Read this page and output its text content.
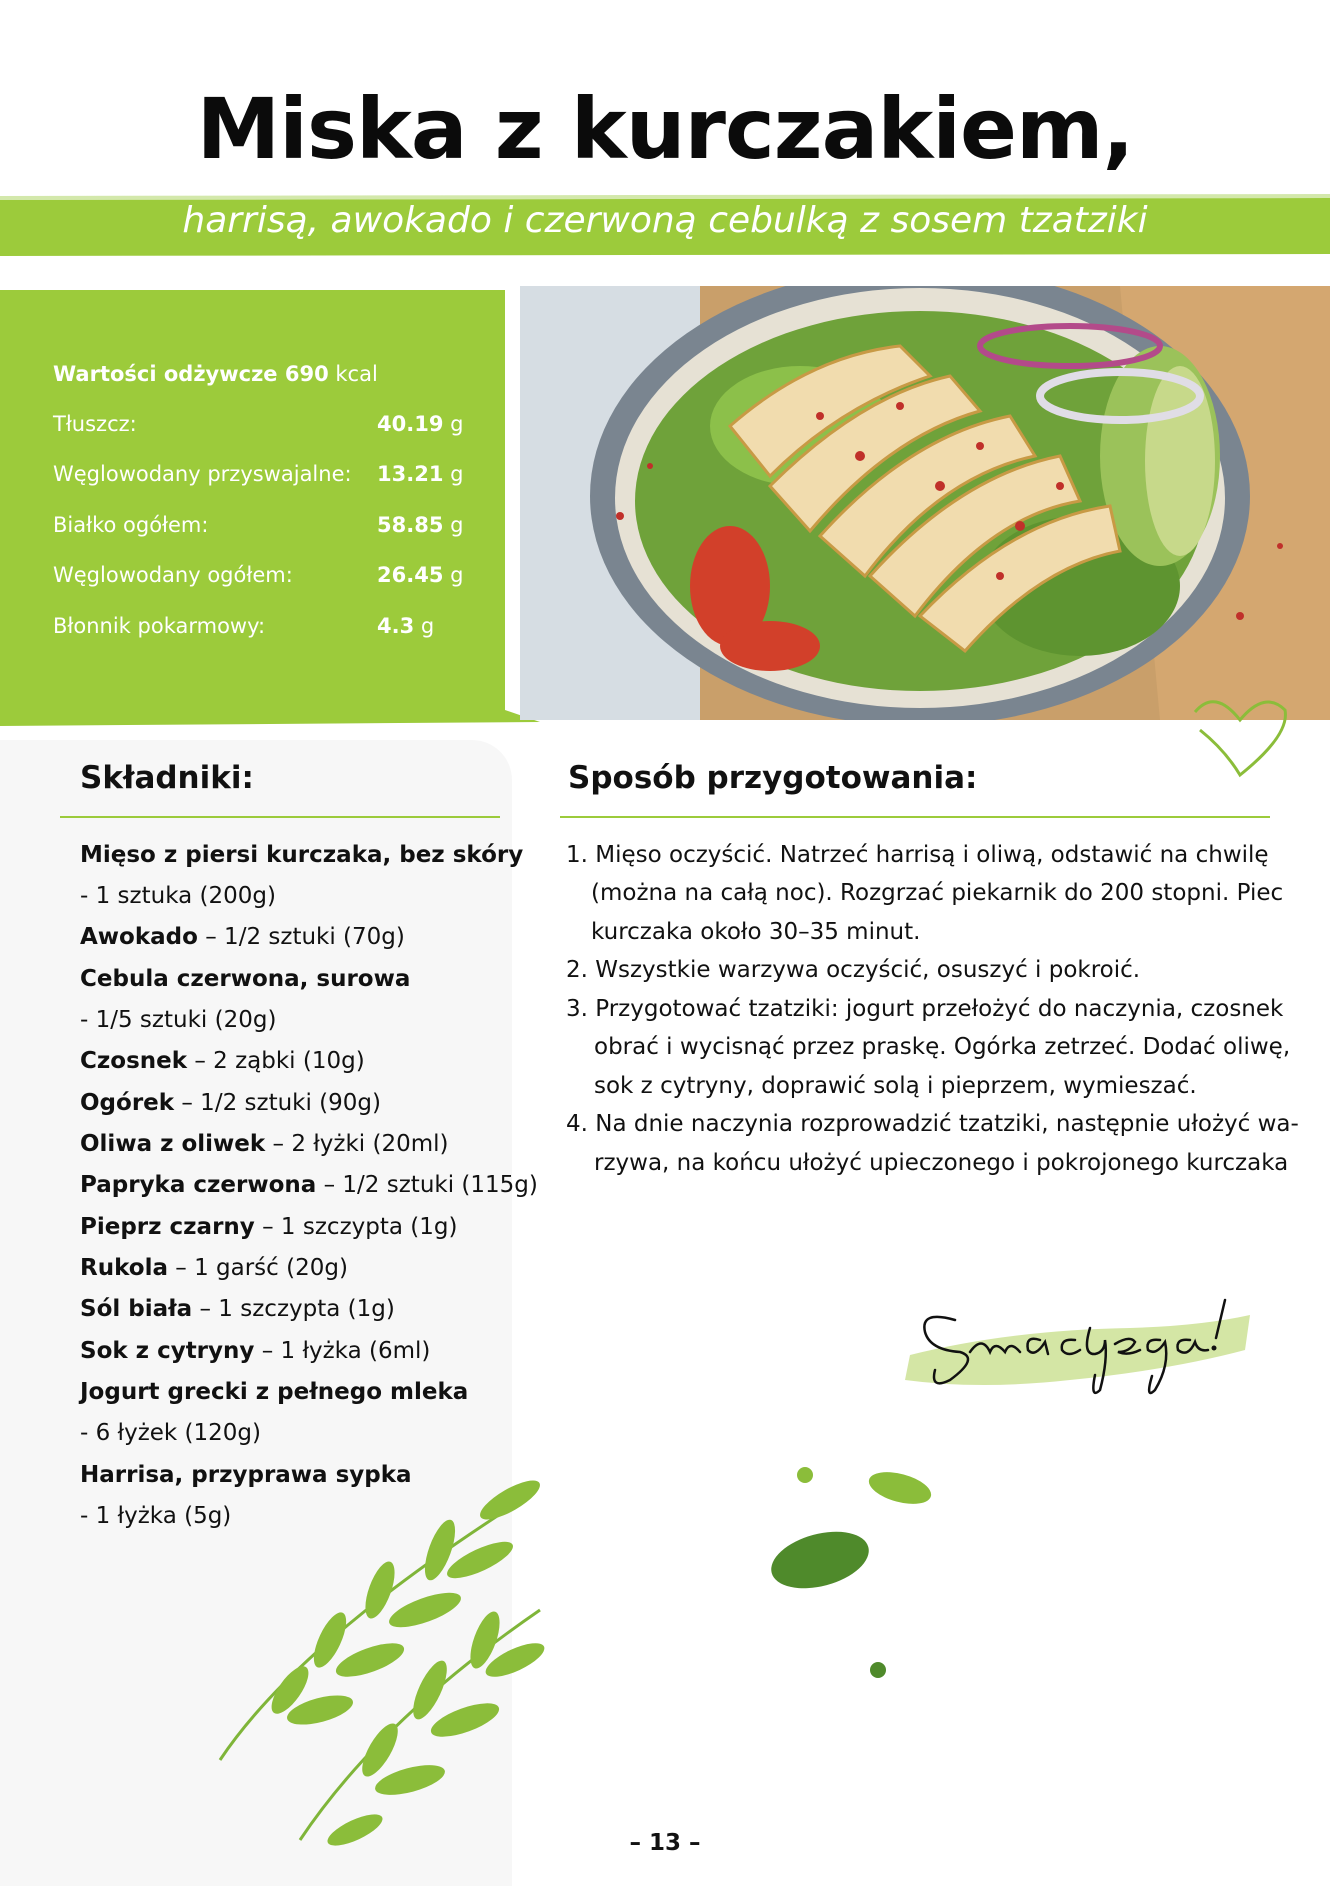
Miska z kurczakiem,
harrisą, awokado i czerwoną cebulką z sosem tzatziki
Wartości odżywcze 690 kcal
Tłuszcz:	40.19 g
Węglowodany przyswajalne: 13.21 g
Białko ogółem:	58.85 g
Węglowodany ogółem:	26.45 g
Błonnik pokarmowy:	4.3 g
Składniki:
Mięso z piersi kurczaka, bez skóry
- 1 sztuka (200g)
Awokado – 1/2 sztuki (70g)
Cebula czerwona, surowa
- 1/5 sztuki (20g)
Czosnek – 2 ząbki (10g)
Ogórek – 1/2 sztuki (90g)
Oliwa z oliwek – 2 łyżki (20ml)
Papryka czerwona – 1/2 sztuki (115g)
Pieprz czarny – 1 szczypta (1g)
Rukola – 1 garść (20g)
Sól biała – 1 szczypta (1g)
Sok z cytryny – 1 łyżka (6ml)
Jogurt grecki z pełnego mleka
- 6 łyżek (120g)
Harrisa, przyprawa sypka
- 1 łyżka (5g)
Sposób przygotowania:
1. Mięso oczyścić. Natrzeć harrisą i oliwą, odstawić na chwilę
(można na całą noc). Rozgrzać piekarnik do 200 stopni. Piec
kurczaka około 30–35 minut.
2. Wszystkie warzywa oczyścić, osuszyć i pokroić.
3. Przygotować tzatziki: jogurt przełożyć do naczynia, czosnek
obrać i wycisnąć przez praskę. Ogórka zetrzeć. Dodać oliwę,
sok z cytryny, doprawić solą i pieprzem, wymieszać.
4. Na dnie naczynia rozprowadzić tzatziki, następnie ułożyć wa-
rzywa, na końcu ułożyć upieczonego i pokrojonego kurczaka
– 13 –
